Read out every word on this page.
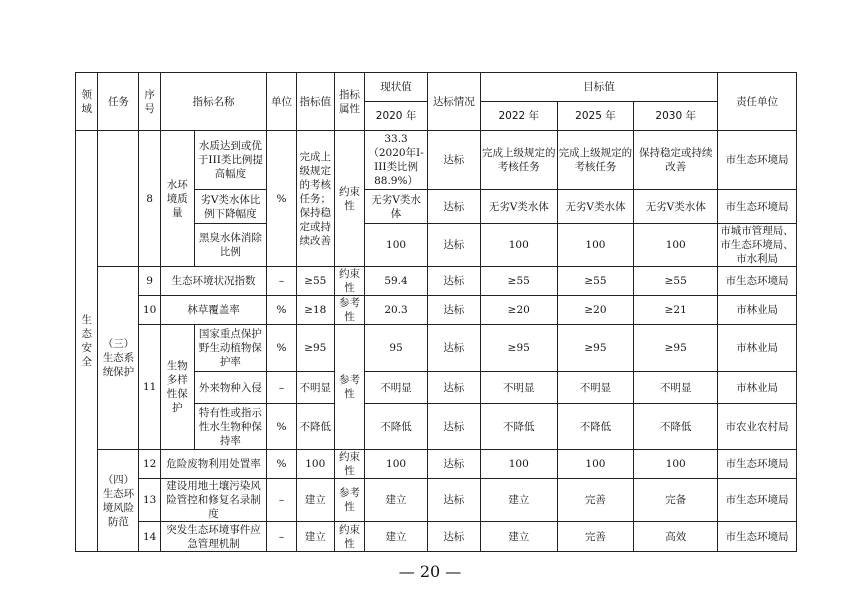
领域	任务	序号	指标名称		单位	指标值	指标属性	现状值	达标情况	目标值			责任单位
								2020 年		2022 年	2025 年	2030 年	
生态安全		8	水环境质量	水质达到或优于III类比例提高幅度	%	完成上级规定的考核任务；保持稳定或持续改善	约束性	33.3（2020年I-III类比例88.9%）	达标	完成上级规定的考核任务	完成上级规定的考核任务	保持稳定或持续改善	市生态环境局
				劣Ⅴ类水体比例下降幅度				无劣Ⅴ类水体	达标	无劣Ⅴ类水体	无劣Ⅴ类水体	无劣Ⅴ类水体	市生态环境局
				黑臭水体消除比例				100	达标	100	100	100	市城市管理局、市生态环境局、市水利局
	（三）生态系统保护	9	生态环境状况指数		–	≥55	约束性	59.4	达标	≥55	≥55	≥55	市生态环境局
		10	林草覆盖率		%	≥18	参考性	20.3	达标	≥20	≥20	≥21	市林业局
		11	生物多样性保护	国家重点保护野生动植物保护率	%	≥95	参考性	95	达标	≥95	≥95	≥95	市林业局
				外来物种入侵	–	不明显		不明显	达标	不明显	不明显	不明显	市林业局
				特有性或指示性水生物种保持率	%	不降低		不降低	达标	不降低	不降低	不降低	市农业农村局
	（四）生态环境风险防范	12	危险废物利用处置率		%	100	约束性	100	达标	100	100	100	市生态环境局
		13	建设用地土壤污染风险管控和修复名录制度		–	建立	参考性	建立	达标	建立	完善	完备	市生态环境局
		14	突发生态环境事件应急管理机制		–	建立	约束性	建立	达标	建立	完善	高效	市生态环境局
— 20 —
